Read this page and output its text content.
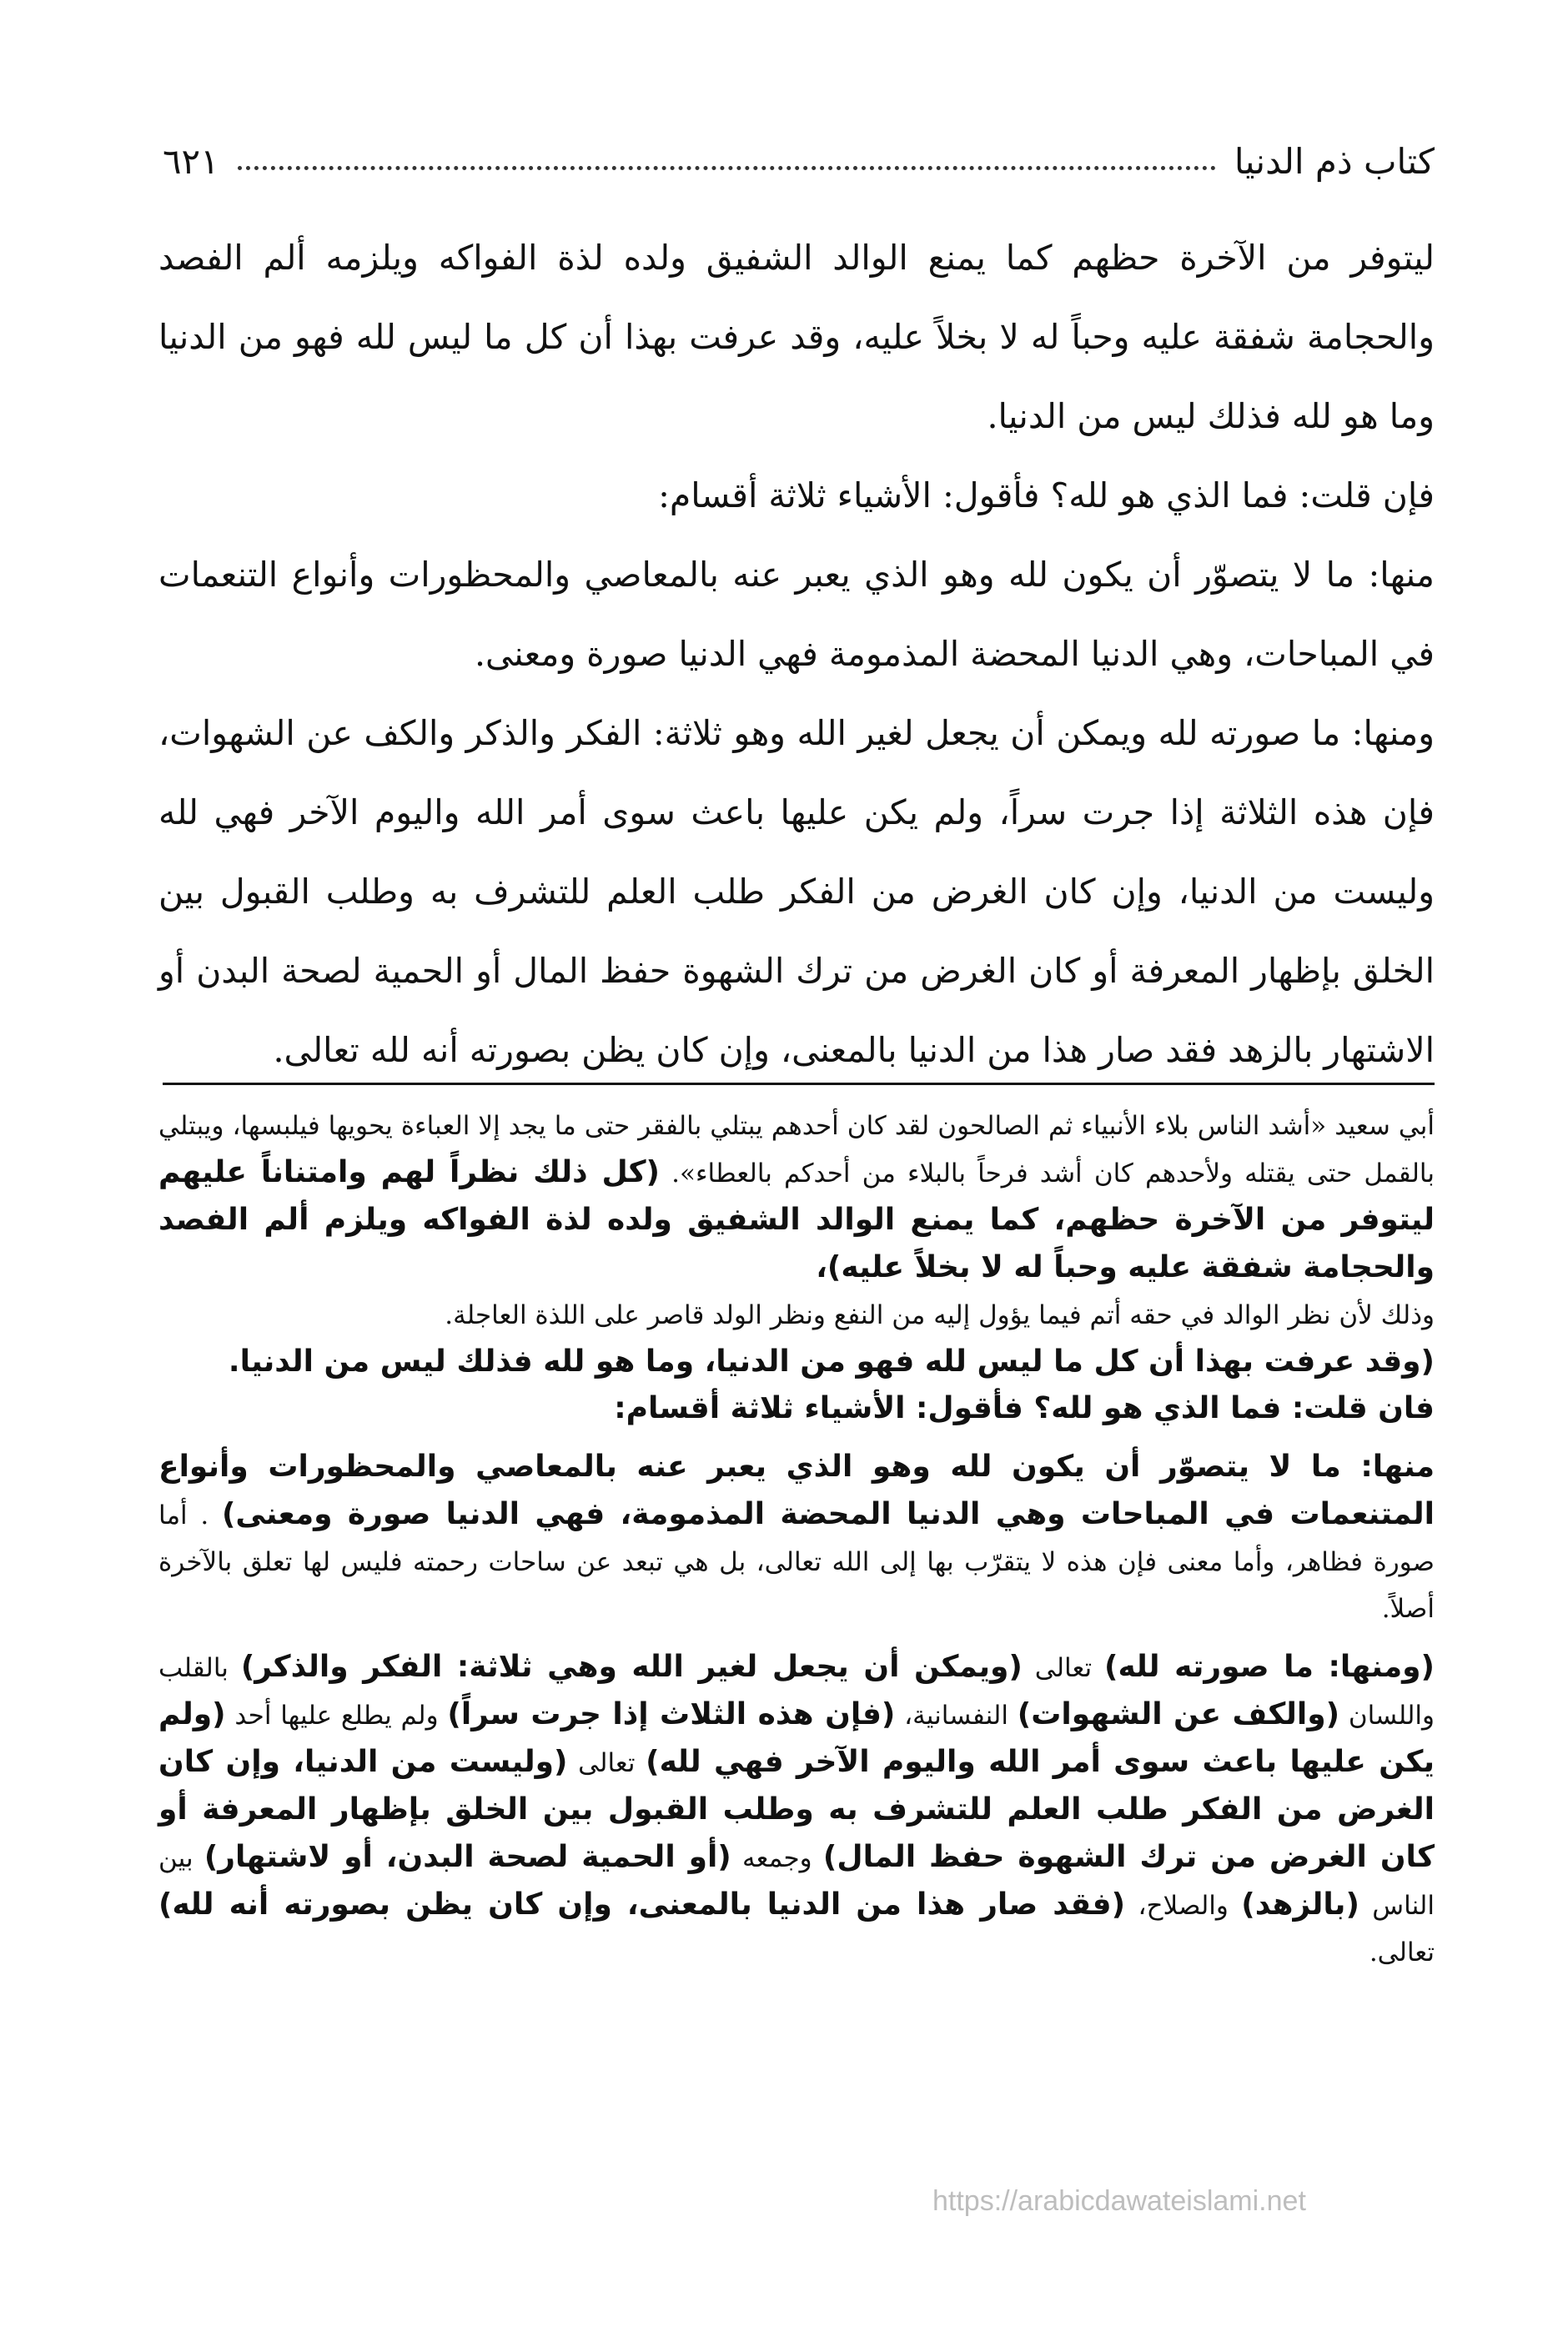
كتاب ذم الدنيا
٦٢١

ليتوفر من الآخرة حظهم كما يمنع الوالد الشفيق ولده لذة الفواكه ويلزمه ألم الفصد والحجامة شفقة عليه وحباً له لا بخلاً عليه، وقد عرفت بهذا أن كل ما ليس لله فهو من الدنيا وما هو لله فذلك ليس من الدنيا.

فإن قلت: فما الذي هو لله؟ فأقول: الأشياء ثلاثة أقسام:

منها: ما لا يتصوّر أن يكون لله وهو الذي يعبر عنه بالمعاصي والمحظورات وأنواع التنعمات في المباحات، وهي الدنيا المحضة المذمومة فهي الدنيا صورة ومعنى.

ومنها: ما صورته لله ويمكن أن يجعل لغير الله وهو ثلاثة: الفكر والذكر والكف عن الشهوات، فإن هذه الثلاثة إذا جرت سراً، ولم يكن عليها باعث سوى أمر الله واليوم الآخر فهي لله وليست من الدنيا، وإن كان الغرض من الفكر طلب العلم للتشرف به وطلب القبول بين الخلق بإظهار المعرفة أو كان الغرض من ترك الشهوة حفظ المال أو الحمية لصحة البدن أو الاشتهار بالزهد فقد صار هذا من الدنيا بالمعنى، وإن كان يظن بصورته أنه لله تعالى.

أبي سعيد «أشد الناس بلاء الأنبياء ثم الصالحون لقد كان أحدهم يبتلي بالفقر حتى ما يجد إلا العباءة يحويها فيلبسها، ويبتلي بالقمل حتى يقتله ولأحدهم كان أشد فرحاً بالبلاء من أحدكم بالعطاء». (كل ذلك نظراً لهم وامتناناً عليهم ليتوفر من الآخرة حظهم، كما يمنع الوالد الشفيق ولده لذة الفواكه ويلزم ألم الفصد والحجامة شفقة عليه وحباً له لا بخلاً عليه)،

وذلك لأن نظر الوالد في حقه أتم فيما يؤول إليه من النفع ونظر الولد قاصر على اللذة العاجلة.

(وقد عرفت بهذا أن كل ما ليس لله فهو من الدنيا، وما هو لله فذلك ليس من الدنيا.

فان قلت: فما الذي هو لله؟ فأقول: الأشياء ثلاثة أقسام:

منها: ما لا يتصوّر أن يكون لله وهو الذي يعبر عنه بالمعاصي والمحظورات وأنواع المتنعمات في المباحات وهي الدنيا المحضة المذمومة، فهي الدنيا صورة ومعنى) . أما صورة فظاهر، وأما معنى فإن هذه لا يتقرّب بها إلى الله تعالى، بل هي تبعد عن ساحات رحمته فليس لها تعلق بالآخرة أصلاً.

(ومنها: ما صورته لله) تعالى (ويمكن أن يجعل لغير الله وهي ثلاثة: الفكر والذكر) بالقلب واللسان (والكف عن الشهوات) النفسانية، (فإن هذه الثلاث إذا جرت سراً) ولم يطلع عليها أحد (ولم يكن عليها باعث سوى أمر الله واليوم الآخر فهي لله) تعالى (وليست من الدنيا، وإن كان الغرض من الفكر طلب العلم للتشرف به وطلب القبول بين الخلق بإظهار المعرفة أو كان الغرض من ترك الشهوة حفظ المال) وجمعه (أو الحمية لصحة البدن، أو لاشتهار) بين الناس (بالزهد) والصلاح، (فقد صار هذا من الدنيا بالمعنى، وإن كان يظن بصورته أنه لله) تعالى.

https://arabicdawateislami.net
